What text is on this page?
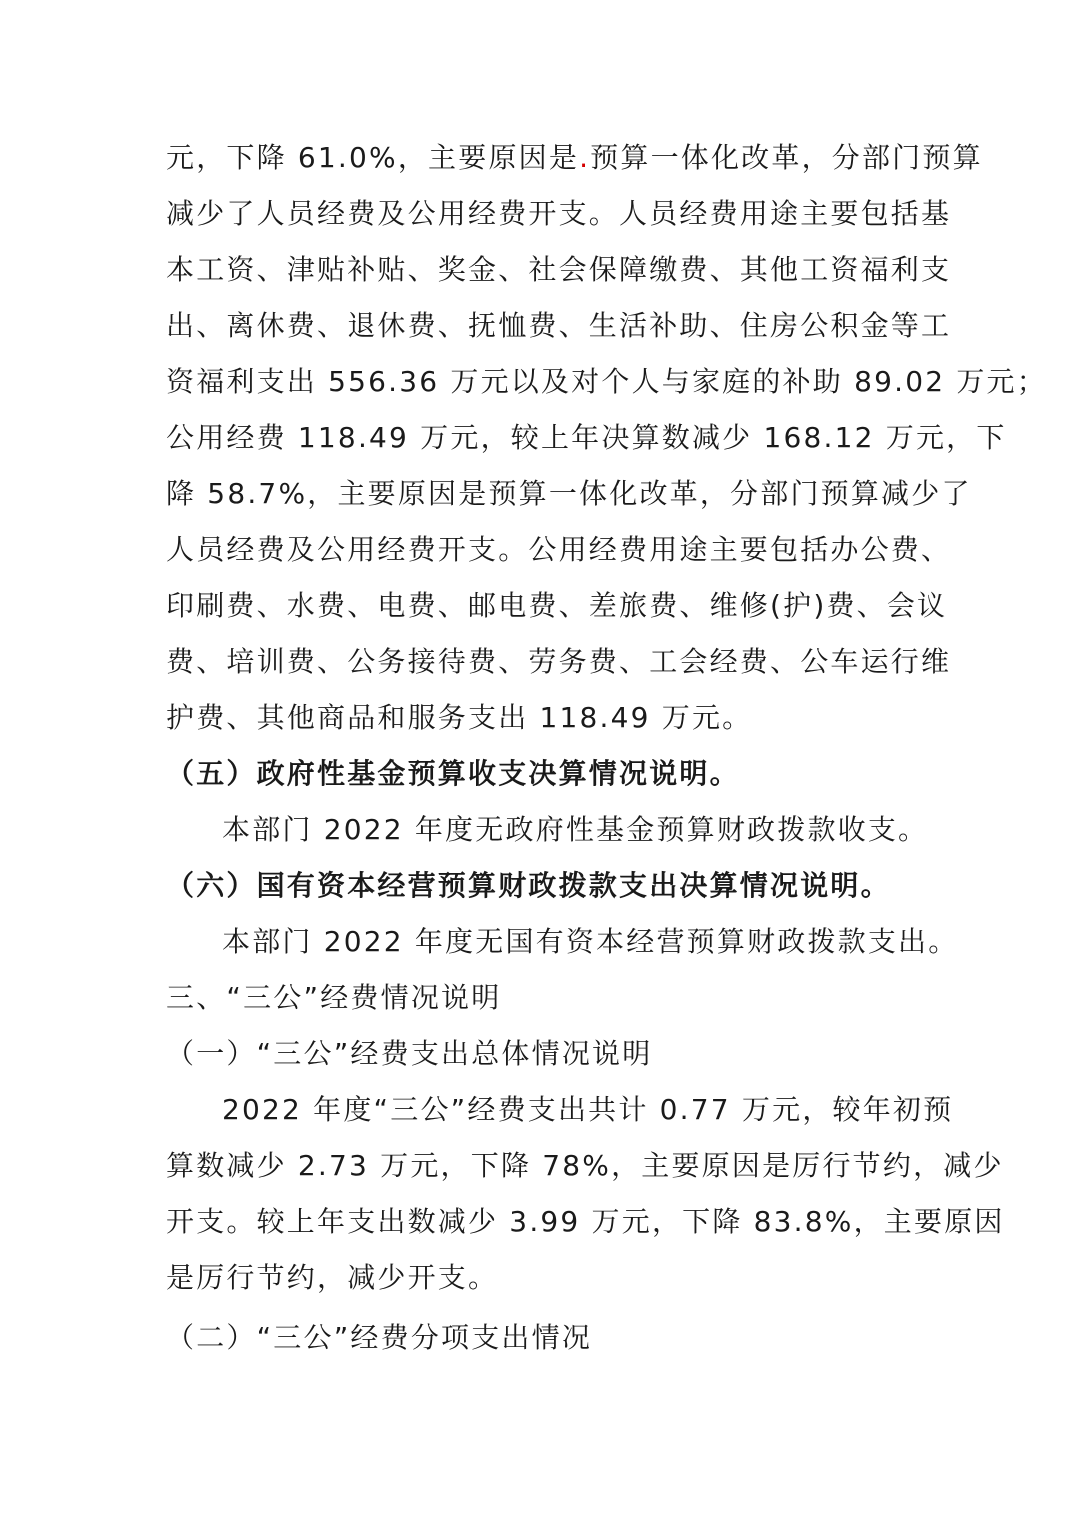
元，下降 61.0%，主要原因是.预算一体化改革，分部门预算
减少了人员经费及公用经费开支。人员经费用途主要包括基
本工资、津贴补贴、奖金、社会保障缴费、其他工资福利支
出、离休费、退休费、抚恤费、生活补助、住房公积金等工
资福利支出 556.36 万元以及对个人与家庭的补助 89.02 万元；
公用经费 118.49 万元，较上年决算数减少 168.12 万元，下
降 58.7%，主要原因是预算一体化改革，分部门预算减少了
人员经费及公用经费开支。公用经费用途主要包括办公费、
印刷费、水费、电费、邮电费、差旅费、维修(护)费、会议
费、培训费、公务接待费、劳务费、工会经费、公车运行维
护费、其他商品和服务支出 118.49 万元。
（五）政府性基金预算收支决算情况说明。
本部门 2022 年度无政府性基金预算财政拨款收支。
（六）国有资本经营预算财政拨款支出决算情况说明。
本部门 2022 年度无国有资本经营预算财政拨款支出。
三、“三公”经费情况说明
（一）“三公”经费支出总体情况说明
2022 年度“三公”经费支出共计 0.77 万元，较年初预
算数减少 2.73 万元，下降 78%，主要原因是厉行节约，减少
开支。较上年支出数减少 3.99 万元，下降 83.8%，主要原因
是厉行节约，减少开支。
（二）“三公”经费分项支出情况
